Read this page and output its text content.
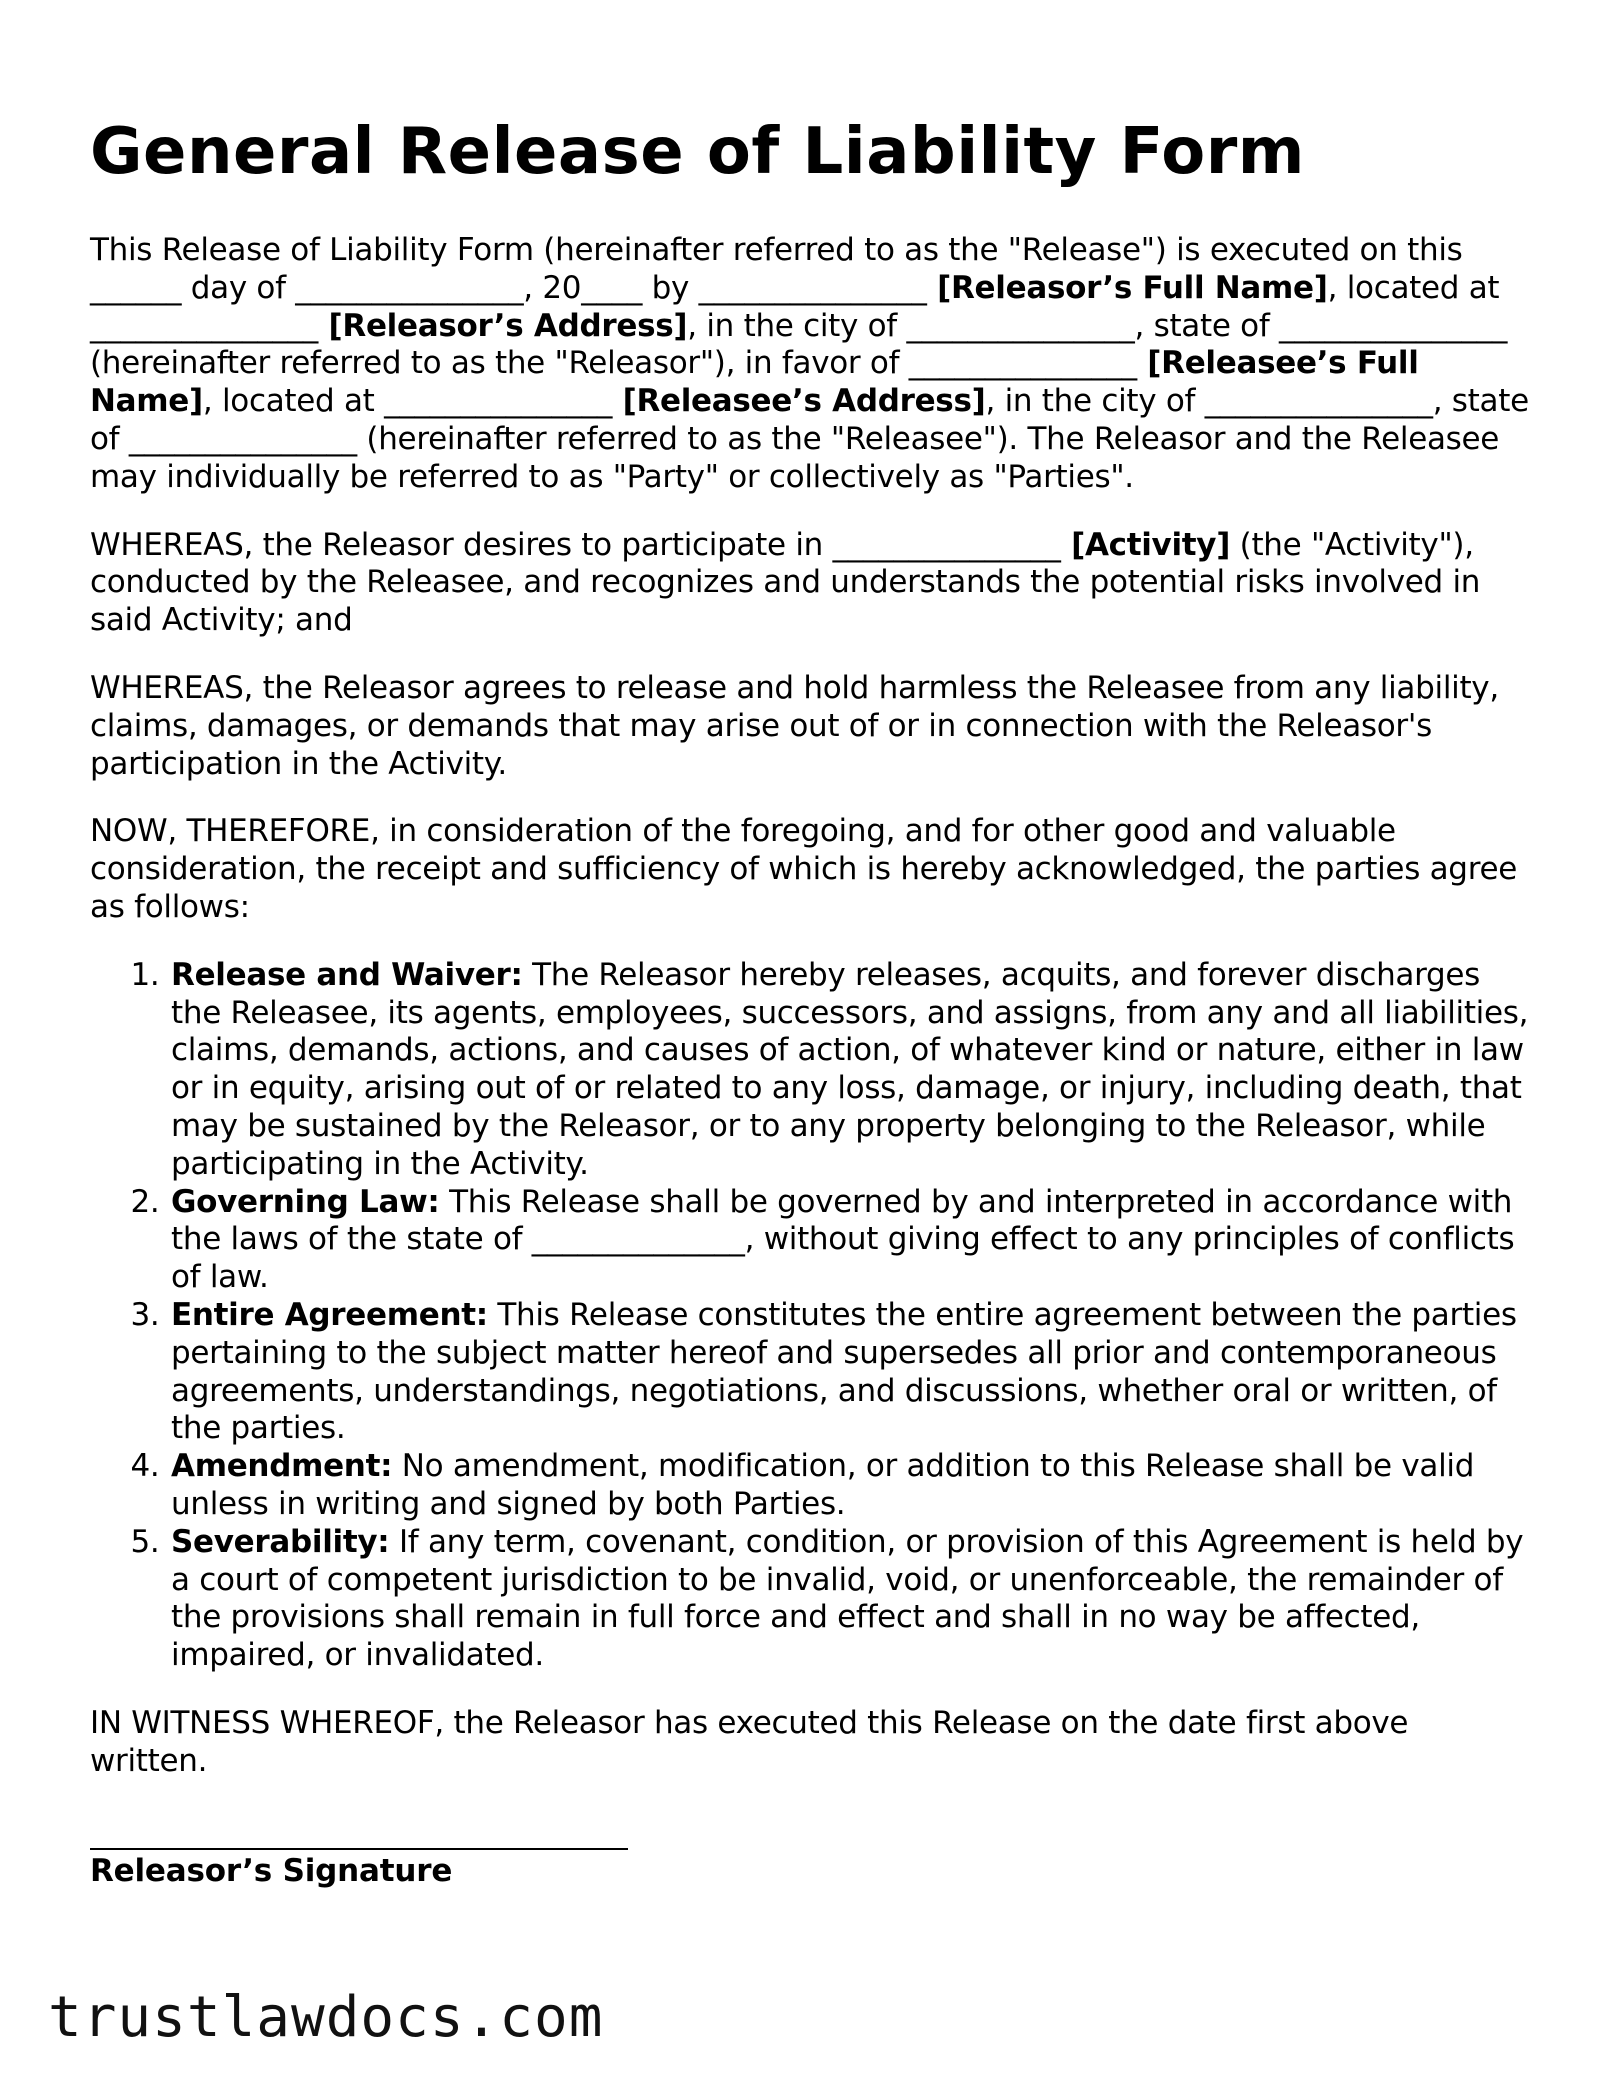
General Release of Liability Form

This Release of Liability Form (hereinafter referred to as the "Release") is executed on this ______ day of _______________, 20____ by _______________ [Releasor’s Full Name], located at _______________ [Releasor’s Address], in the city of _______________, state of _______________ (hereinafter referred to as the "Releasor"), in favor of _______________ [Releasee’s Full Name], located at _______________ [Releasee’s Address], in the city of _______________, state of _______________ (hereinafter referred to as the "Releasee"). The Releasor and the Releasee may individually be referred to as "Party" or collectively as "Parties".

WHEREAS, the Releasor desires to participate in _______________ [Activity] (the "Activity"), conducted by the Releasee, and recognizes and understands the potential risks involved in said Activity; and

WHEREAS, the Releasor agrees to release and hold harmless the Releasee from any liability, claims, damages, or demands that may arise out of or in connection with the Releasor's participation in the Activity.

NOW, THEREFORE, in consideration of the foregoing, and for other good and valuable consideration, the receipt and sufficiency of which is hereby acknowledged, the parties agree as follows:

1. Release and Waiver: The Releasor hereby releases, acquits, and forever discharges the Releasee, its agents, employees, successors, and assigns, from any and all liabilities, claims, demands, actions, and causes of action, of whatever kind or nature, either in law or in equity, arising out of or related to any loss, damage, or injury, including death, that may be sustained by the Releasor, or to any property belonging to the Releasor, while participating in the Activity.
2. Governing Law: This Release shall be governed by and interpreted in accordance with the laws of the state of ______________, without giving effect to any principles of conflicts of law.
3. Entire Agreement: This Release constitutes the entire agreement between the parties pertaining to the subject matter hereof and supersedes all prior and contemporaneous agreements, understandings, negotiations, and discussions, whether oral or written, of the parties.
4. Amendment: No amendment, modification, or addition to this Release shall be valid unless in writing and signed by both Parties.
5. Severability: If any term, covenant, condition, or provision of this Agreement is held by a court of competent jurisdiction to be invalid, void, or unenforceable, the remainder of the provisions shall remain in full force and effect and shall in no way be affected, impaired, or invalidated.

IN WITNESS WHEREOF, the Releasor has executed this Release on the date first above written.

Releasor’s Signature
trustlawdocs.com
